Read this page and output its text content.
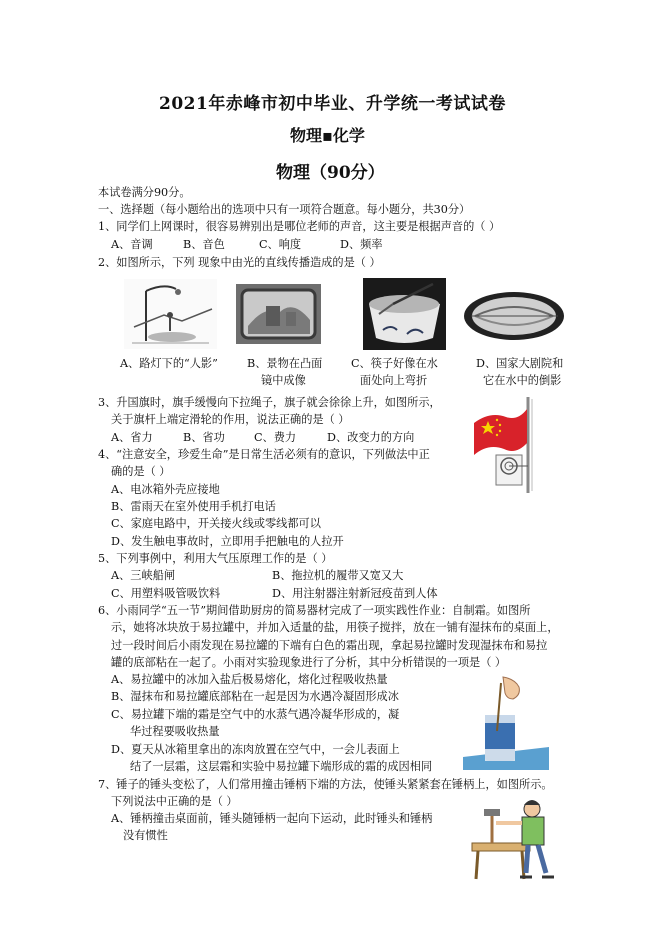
2021年赤峰市初中毕业、升学统一考试试卷
物理▪化学
物理（90分）
本试卷满分90分。
一、选择题（每小题给出的选项中只有一项符合题意。每小题分，共30分）
1、同学们上网课时，很容易辨别出是哪位老师的声音，这主要是根据声音的（ ）
A、音调	B、音色	C、响度	D、频率
2、如图所示，下列 现象中由光的直线传播造成的是（ ）
A、路灯下的“人影”	B、景物在凸面
镜中成像
C、筷子好像在水
面处向上弯折
D、国家大剧院和
它在水中的倒影
3、升国旗时，旗手缓慢向下拉绳子，旗子就会徐徐上升，如图所示，
关于旗杆上端定滑轮的作用，说法正确的是（ ）
A、省力	B、省功	C、费力	D、改变力的方向
4、“注意安全，珍爱生命”是日常生活必须有的意识，下列做法中正
确的是（ ）
A、电冰箱外壳应接地
B、雷雨天在室外使用手机打电话
C、家庭电路中，开关接火线或零线都可以
D、发生触电事故时，立即用手把触电的人拉开
5、下列事例中，利用大气压原理工作的是（ ）
A、三峡船闸	B、拖拉机的履带又宽又大
C、用塑料吸管吸饮料	D、用注射器注射新冠疫苗到人体
6、小雨同学“五一节”期间借助厨房的简易器材完成了一项实践性作业：自制霜。如图所
示，她将冰块放于易拉罐中，并加入适量的盐，用筷子搅拌，放在一铺有湿抹布的桌面上，
过一段时间后小雨发现在易拉罐的下端有白色的霜出现，拿起易拉罐时发现湿抹布和易拉
罐的底部粘在一起了。小雨对实验现象进行了分析，其中分析错误的一项是（ ）
A、易拉罐中的冰加入盐后极易熔化，熔化过程吸收热量
B、湿抹布和易拉罐底部粘在一起是因为水遇冷凝固形成冰
C、易拉罐下端的霜是空气中的水蒸气遇冷凝华形成的，凝
华过程要吸收热量
D、夏天从冰箱里拿出的冻肉放置在空气中，一会儿表面上
结了一层霜，这层霜和实验中易拉罐下端形成的霜的成因相同
7、锤子的锤头变松了，人们常用撞击锤柄下端的方法，使锤头紧紧套在锤柄上，如图所示。
下列说法中正确的是（ ）
A、锤柄撞击桌面前，锤头随锤柄一起向下运动，此时锤头和锤柄
没有惯性
